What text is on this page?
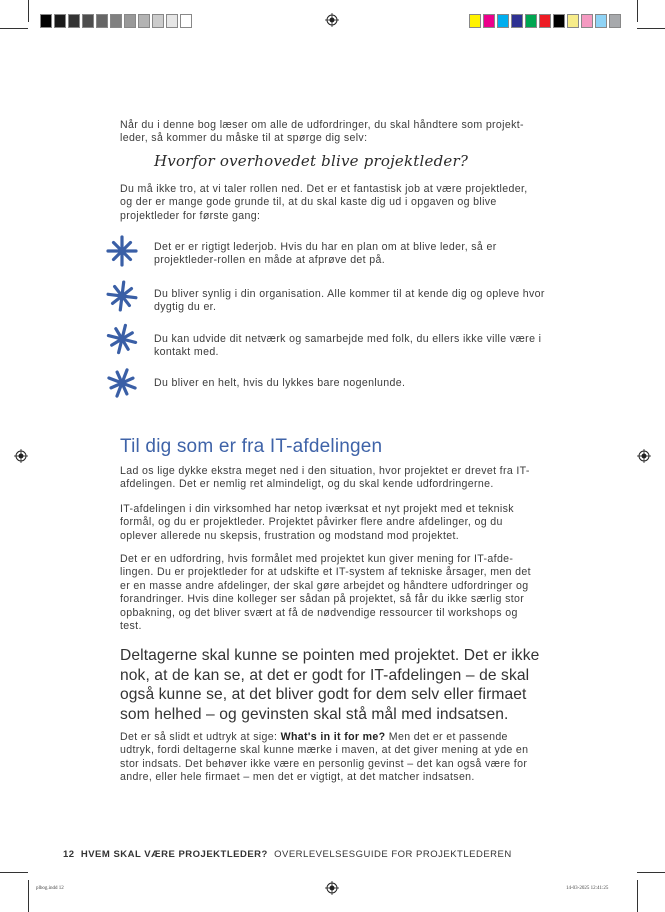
Når du i denne bog læser om alle de udfordringer, du skal håndtere som projekt-leder, så kommer du måske til at spørge dig selv:

Hvorfor overhovedet blive projektleder?

Du må ikke tro, at vi taler rollen ned. Det er et fantastisk job at være projektleder, og der er mange gode grunde til, at du skal kaste dig ud i opgaven og blive projektleder for første gang:

Det er er rigtigt lederjob. Hvis du har en plan om at blive leder, så er projektleder-rollen en måde at afprøve det på.

Du bliver synlig i din organisation. Alle kommer til at kende dig og opleve hvor dygtig du er.

Du kan udvide dit netværk og samarbejde med folk, du ellers ikke ville være i kontakt med.

Du bliver en helt, hvis du lykkes bare nogenlunde.

Til dig som er fra IT-afdelingen

Lad os lige dykke ekstra meget ned i den situation, hvor projektet er drevet fra IT-afdelingen. Det er nemlig ret almindeligt, og du skal kende udfordringerne.

IT-afdelingen i din virksomhed har netop iværksat et nyt projekt med et teknisk formål, og du er projektleder. Projektet påvirker flere andre afdelinger, og du oplever allerede nu skepsis, frustration og modstand mod projektet.

Det er en udfordring, hvis formålet med projektet kun giver mening for IT-afde-lingen. Du er projektleder for at udskifte et IT-system af tekniske årsager, men det er en masse andre afdelinger, der skal gøre arbejdet og håndtere udfordringer og forandringer. Hvis dine kolleger ser sådan på projektet, så får du ikke særlig stor opbakning, og det bliver svært at få de nødvendige ressourcer til workshops og test.

Deltagerne skal kunne se pointen med projektet. Det er ikke nok, at de kan se, at det er godt for IT-afdelingen – de skal også kunne se, at det bliver godt for dem selv eller firmaet som helhed – og gevinsten skal stå mål med indsatsen.

Det er så slidt et udtryk at sige: What's in it for me? Men det er et passende udtryk, fordi deltagerne skal kunne mærke i maven, at det giver mening at yde en stor indsats. Det behøver ikke være en personlig gevinst – det kan også være for andre, eller hele firmaet – men det er vigtigt, at det matcher indsatsen.

12 HVEM SKAL VÆRE PROJEKTLEDER? OVERLEVELSESGUIDE FOR PROJEKTLEDEREN
plbog.indd 12	14-03-2025 12:41:25
